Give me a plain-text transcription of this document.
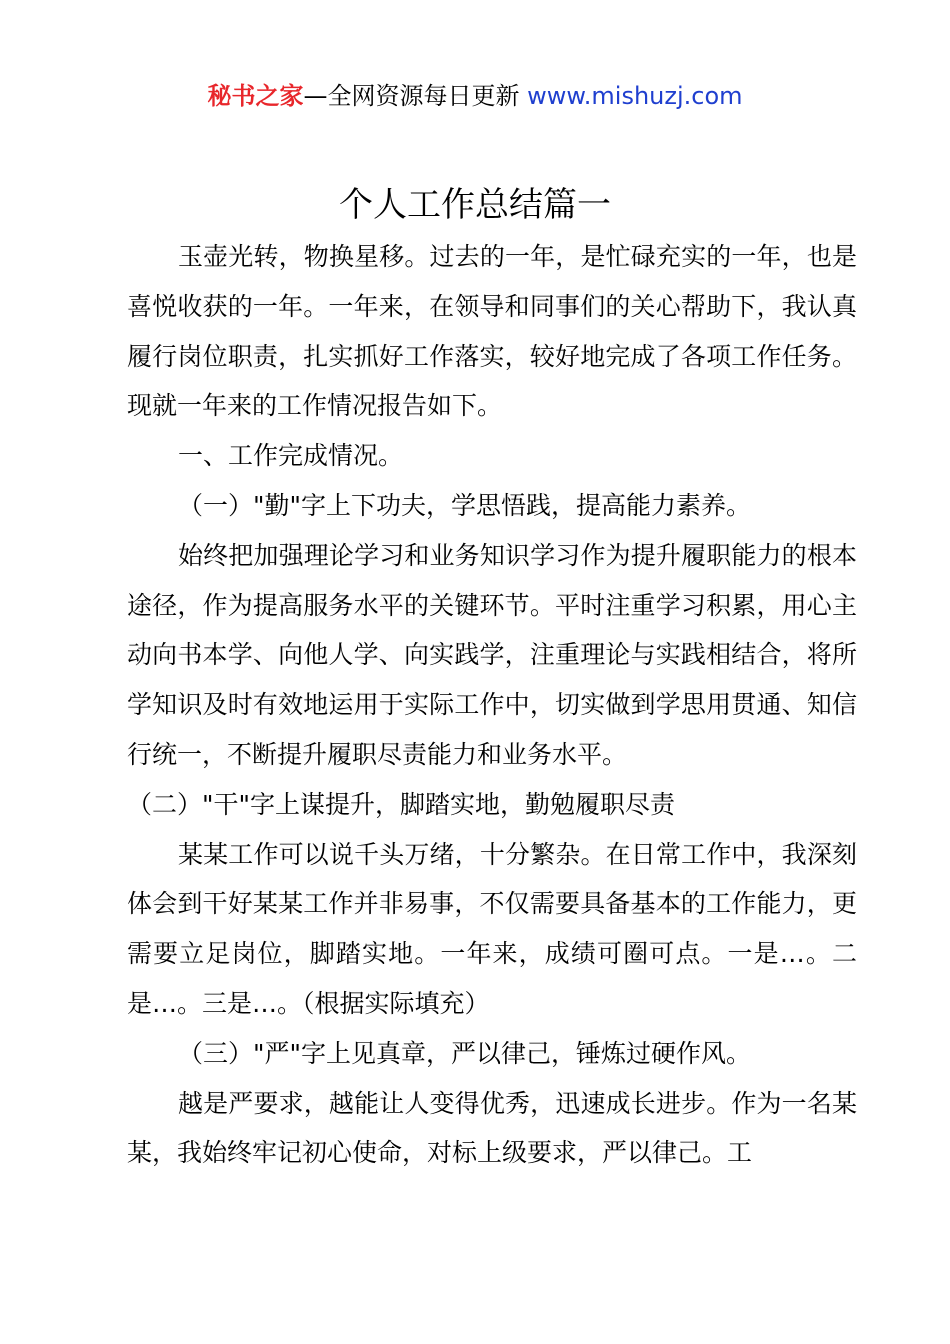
秘书之家—全网资源每日更新 www.mishuzj.com
个人工作总结篇一

玉壶光转，物换星移。过去的一年，是忙碌充实的一年，也是喜悦收获的一年。一年来，在领导和同事们的关心帮助下，我认真履行岗位职责，扎实抓好工作落实，较好地完成了各项工作任务。现就一年来的工作情况报告如下。

一、工作完成情况。

（一）"勤"字上下功夫，学思悟践，提高能力素养。

始终把加强理论学习和业务知识学习作为提升履职能力的根本途径，作为提高服务水平的关键环节。平时注重学习积累，用心主动向书本学、向他人学、向实践学，注重理论与实践相结合，将所学知识及时有效地运用于实际工作中，切实做到学思用贯通、知信行统一，不断提升履职尽责能力和业务水平。

（二）"干"字上谋提升，脚踏实地，勤勉履职尽责

某某工作可以说千头万绪，十分繁杂。在日常工作中，我深刻体会到干好某某工作并非易事，不仅需要具备基本的工作能力，更需要立足岗位，脚踏实地。一年来，成绩可圈可点。一是…。二是…。三是…。（根据实际填充）

（三）"严"字上见真章，严以律己，锤炼过硬作风。

越是严要求，越能让人变得优秀，迅速成长进步。作为一名某某，我始终牢记初心使命，对标上级要求，严以律己。工
